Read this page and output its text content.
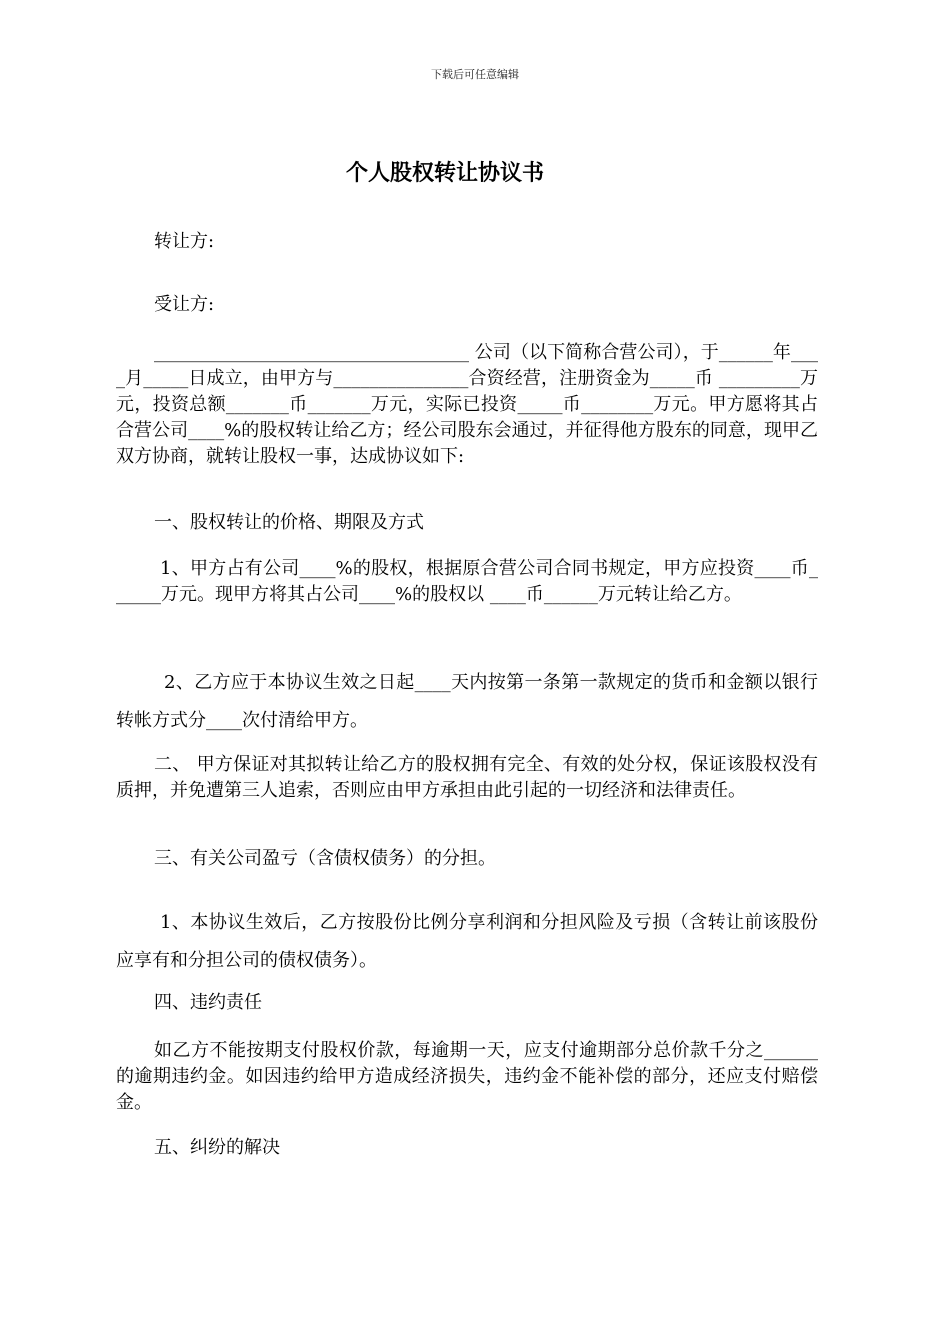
下载后可任意编辑
个人股权转让协议书
转让方:
受让方:
___________________________________ 公司（以下简称合营公司），于______年____月_____日成立，由甲方与_______________合资经营，注册资金为_____币 _________万元，投资总额_______币_______万元，实际已投资_____币________万元。甲方愿将其占合营公司____%的股权转让给乙方；经公司股东会通过，并征得他方股东的同意，现甲乙双方协商，就转让股权一事，达成协议如下:
一、股权转让的价格、期限及方式
1、甲方占有公司____%的股权，根据原合营公司合同书规定，甲方应投资____币______万元。现甲方将其占公司____%的股权以 ____币______万元转让给乙方。
2、乙方应于本协议生效之日起____天内按第一条第一款规定的货币和金额以银行转帐方式分____次付清给甲方。
二、 甲方保证对其拟转让给乙方的股权拥有完全、有效的处分权，保证该股权没有质押，并免遭第三人追索，否则应由甲方承担由此引起的一切经济和法律责任。
三、有关公司盈亏（含债权债务）的分担。
1、本协议生效后，乙方按股份比例分享利润和分担风险及亏损（含转让前该股份应享有和分担公司的债权债务）。
四、违约责任
如乙方不能按期支付股权价款，每逾期一天，应支付逾期部分总价款千分之______的逾期违约金。如因违约给甲方造成经济损失，违约金不能补偿的部分，还应支付赔偿金。
五、纠纷的解决
